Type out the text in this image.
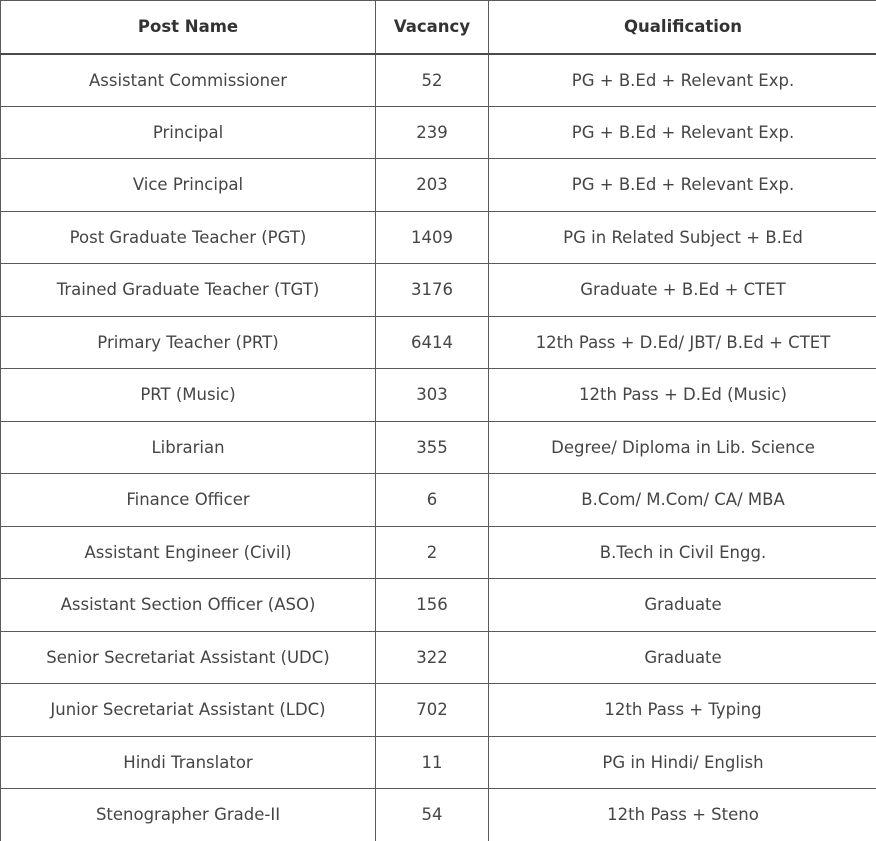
Post Name	Vacancy	Qualification
Assistant Commissioner	52	PG + B.Ed + Relevant Exp.
Principal	239	PG + B.Ed + Relevant Exp.
Vice Principal	203	PG + B.Ed + Relevant Exp.
Post Graduate Teacher (PGT)	1409	PG in Related Subject + B.Ed
Trained Graduate Teacher (TGT)	3176	Graduate + B.Ed + CTET
Primary Teacher (PRT)	6414	12th Pass + D.Ed/ JBT/ B.Ed + CTET
PRT (Music)	303	12th Pass + D.Ed (Music)
Librarian	355	Degree/ Diploma in Lib. Science
Finance Officer	6	B.Com/ M.Com/ CA/ MBA
Assistant Engineer (Civil)	2	B.Tech in Civil Engg.
Assistant Section Officer (ASO)	156	Graduate
Senior Secretariat Assistant (UDC)	322	Graduate
Junior Secretariat Assistant (LDC)	702	12th Pass + Typing
Hindi Translator	11	PG in Hindi/ English
Stenographer Grade-II	54	12th Pass + Steno
